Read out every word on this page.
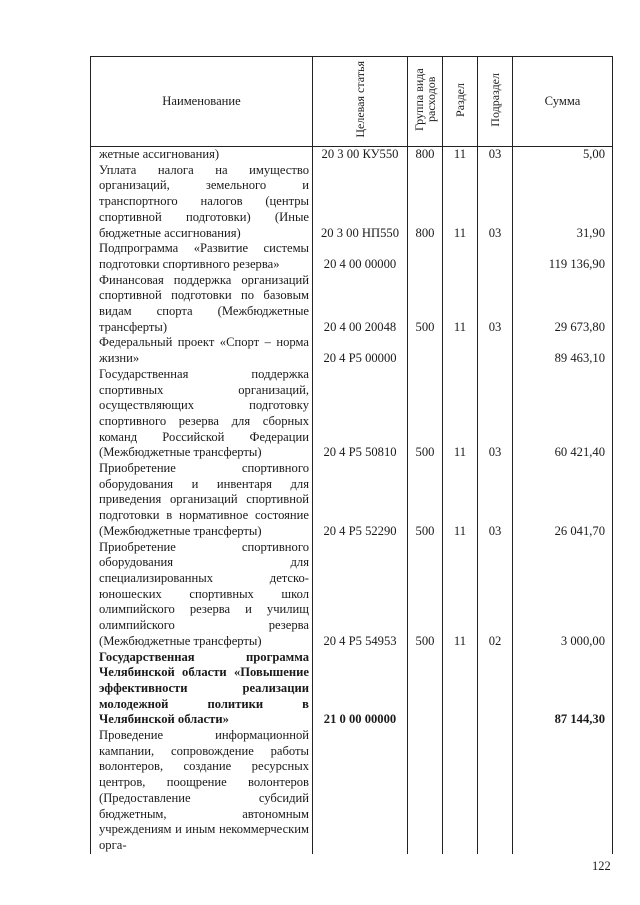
Наименование	Целевая статья	Группа вида расходов	Раздел	Подраздел	Сумма
жетные ассигнования)	20 3 00 КУ550	800	11	03	5,00
Уплата налога на имущество организаций, земельного и транспортного налогов (центры спортивной подготовки) (Иные бюджетные ассигнования)	20 3 00 НП550	800	11	03	31,90
Подпрограмма «Развитие системы подготовки спортивного резерва»	20 4 00 00000				119 136,90
Финансовая поддержка организаций спортивной подготовки по базовым видам спорта (Межбюджетные трансферты)	20 4 00 20048	500	11	03	29 673,80
Федеральный проект «Спорт – норма жизни»	20 4 P5 00000				89 463,10
Государственная поддержка спортивных организаций, осуществляющих подготовку спортивного резерва для сборных команд Российской Федерации (Межбюджетные трансферты)	20 4 P5 50810	500	11	03	60 421,40
Приобретение спортивного оборудования и инвентаря для приведения организаций спортивной подготовки в нормативное состояние (Межбюджетные трансферты)	20 4 P5 52290	500	11	03	26 041,70
Приобретение спортивного оборудования для специализированных детско-юношеских спортивных школ олимпийского резерва и училищ олимпийского резерва (Межбюджетные трансферты)	20 4 P5 54953	500	11	02	3 000,00
Государственная программа Челябинской области «Повышение эффективности реализации молодежной политики в Челябинской области»	21 0 00 00000				87 144,30
Проведение информационной кампании, сопровождение работы волонтеров, создание ресурсных центров, поощрение волонтеров (Предоставление субсидий бюджетным, автономным учреждениям и иным некоммерческим орга-					
122
